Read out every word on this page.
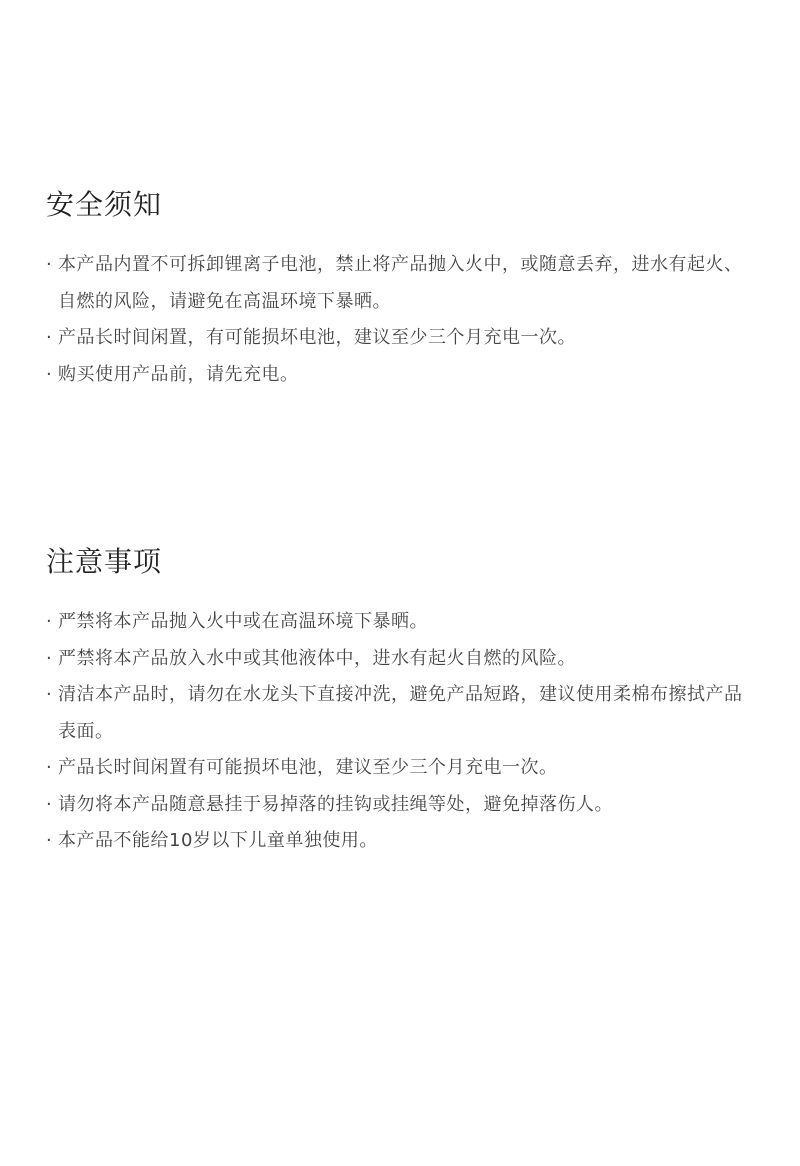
安全须知
· 本产品内置不可拆卸锂离子电池，禁止将产品抛入火中，或随意丢弃，进水有起火、自燃的风险，请避免在高温环境下暴晒。
· 产品长时间闲置，有可能损坏电池，建议至少三个月充电一次。
· 购买使用产品前，请先充电。
注意事项
· 严禁将本产品抛入火中或在高温环境下暴晒。
· 严禁将本产品放入水中或其他液体中，进水有起火自燃的风险。
· 清洁本产品时，请勿在水龙头下直接冲洗，避免产品短路，建议使用柔棉布擦拭产品表面。
· 产品长时间闲置有可能损坏电池，建议至少三个月充电一次。
· 请勿将本产品随意悬挂于易掉落的挂钩或挂绳等处，避免掉落伤人。
· 本产品不能给10岁以下儿童单独使用。
